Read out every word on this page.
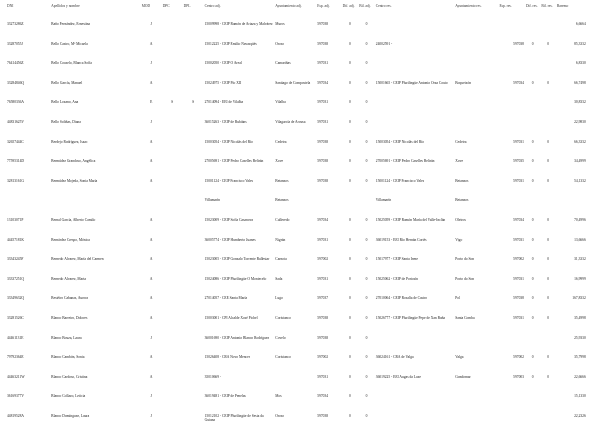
DNI	Apellidos y nombre	MOD	DPC	DPL	Centro adj.	Ayuntamiento adj.	Esp. adj.	Dif. adj.	Bil. adj.	Centro res.	Ayuntamiento res.	Esp. res.	Dif. res.	Bil. res.	Baremo	
33273286Z	Baño Fernández, Ernestina	J			15009998 - CEIP Ramón de Artaza y Malvárez	Muros	597038	0	0						6,6664	
33287055J	Bello Castro, Mª Micaela	A			15012225 - CEIP Emilio Navasqüés	Oroso	597038	0	0	24002591 -		597038	0	0	85,3332	
76414456Z	Bello Couselo, Blanca Sofía	J			15002050 - CEIP O Areal	Camariñas	597031	0	0						6,8330	
33284846Q	Bello García, Manuel	A			15024975 - CEIP Pío XII	Santiago de Compostela	597034	0	0	15001665 - CEIP Plurilingüe Antonio Orza Couto	Boqueixón	597034	0	0	66,7498	
76580336A	Bello Lozano, Ana	E	S	S	27014094 - EEI de Vilalba	Vilalba	597031	0	0						30,8332	
44831625V	Bello Soliñas, Diana	J			36015263 - CEIP de Rubiáns	Vilagarcía de Arousa	597031	0	0						22,9830	
32657444C	Berdejo Rodríguez, Isaac	A			15003054 - CEIP Nicolás del Río	Cedeira	597038	0	0	15003054 - CEIP Nicolás del Río	Cedeira	597031	0	0	66,3332	
77595314D	Bermúdez Grandoso, Angélica	A			27005691 - CEIP Pedro Caselles Beltrán	Xove	597038	0	0	27005691 - CEIP Pedro Caselles Beltrán	Xove	597035	0	0	34,4999	
32813161G	Bermúdez Mojeda, Sonia María	A			15001124 - CEIP Francisco Vales	Betanzos	597038	0	0	15001124 - CEIP Francisco Vales	Betanzos	597031	0	0	54,1332	
					Villamarín	Betanzos				Villamarín	Betanzos					
13103071P	Bernal García, Alberto Camilo	A			15023009 - CEIP Sofía Casanova	Culleredo	597034	0	0	15025059 - CEIP Ramón María del Valle-Inclán	Oleiros	597034	0	0	70,4996	
44457181K	Bernárdez Crespo, Mónica	A			36005774 - CEIP Humberto Juanes	Nigrán	597031	0	0	36019153 - EEI Río Hernán Cortés	Vigo	597031	0	0	13,6666	
33343245F	Bernedo Álvarez, María del Carmen	A			15023005 - CEIP Gonzalo Torrente Ballestar	Carnota	597002	0	0	15017977 - CEIP Santa Irene	Porto do Son	597002	0	0	31,3332	
33337251Q	Bernedo Álvarez, Marta	A			15024086 - CEIP Plurilingüe O Montecelo	Sada	597031	0	0	15025062 - CEIP de Portosín	Porto do Son	597031	0	0	16,9999	
33349632Q	Bestéiro Cabanas, Aurora	A			27014057 - CEE Santa María	Lugo	597037	0	0	27010064 - CEIP Rosalía de Castro	Pol	597038	0	0	167,8332	
33281526C	Blanco Barreiro, Dolores	A			15003001 - CPI Alcalde Xosé Pichel	Coristanco	597038	0	0	15026777 - CEIP Plurilingüe Pepe de Xan Baña	Santa Comba	597031	0	0	35,4998	
44461131E	Blanco Bouza, Laura	J			36001690 - CEIP Antonio Blanco Rodríguez	Covelo	597038	0	0						25,9330	
79792364E	Blanco Cambón, Sonia	A			15026408 - CRA Novo Mencer	Coristanco	597002	0	0	36024161 - CRA de Valga	Valga	597002	0	0	35,7998	
44463211W	Blanco Cardoso, Cristina	A			35010669 -		597031	0	0	36019225 - EEI Augas da Laxe	Gondomar	597003	0	0	22,6666	
36169377V	Blanco Collazo, Leticia	J			36019481 - CEIP de Penelas	Mos	597034	0	0						15,1330	
44819528A	Blanco Domínguez, Laura	J			15012102 - CEIP Plurilingüe de Sesta da Guiana	Oroso	597038	0	0						22,2326	
